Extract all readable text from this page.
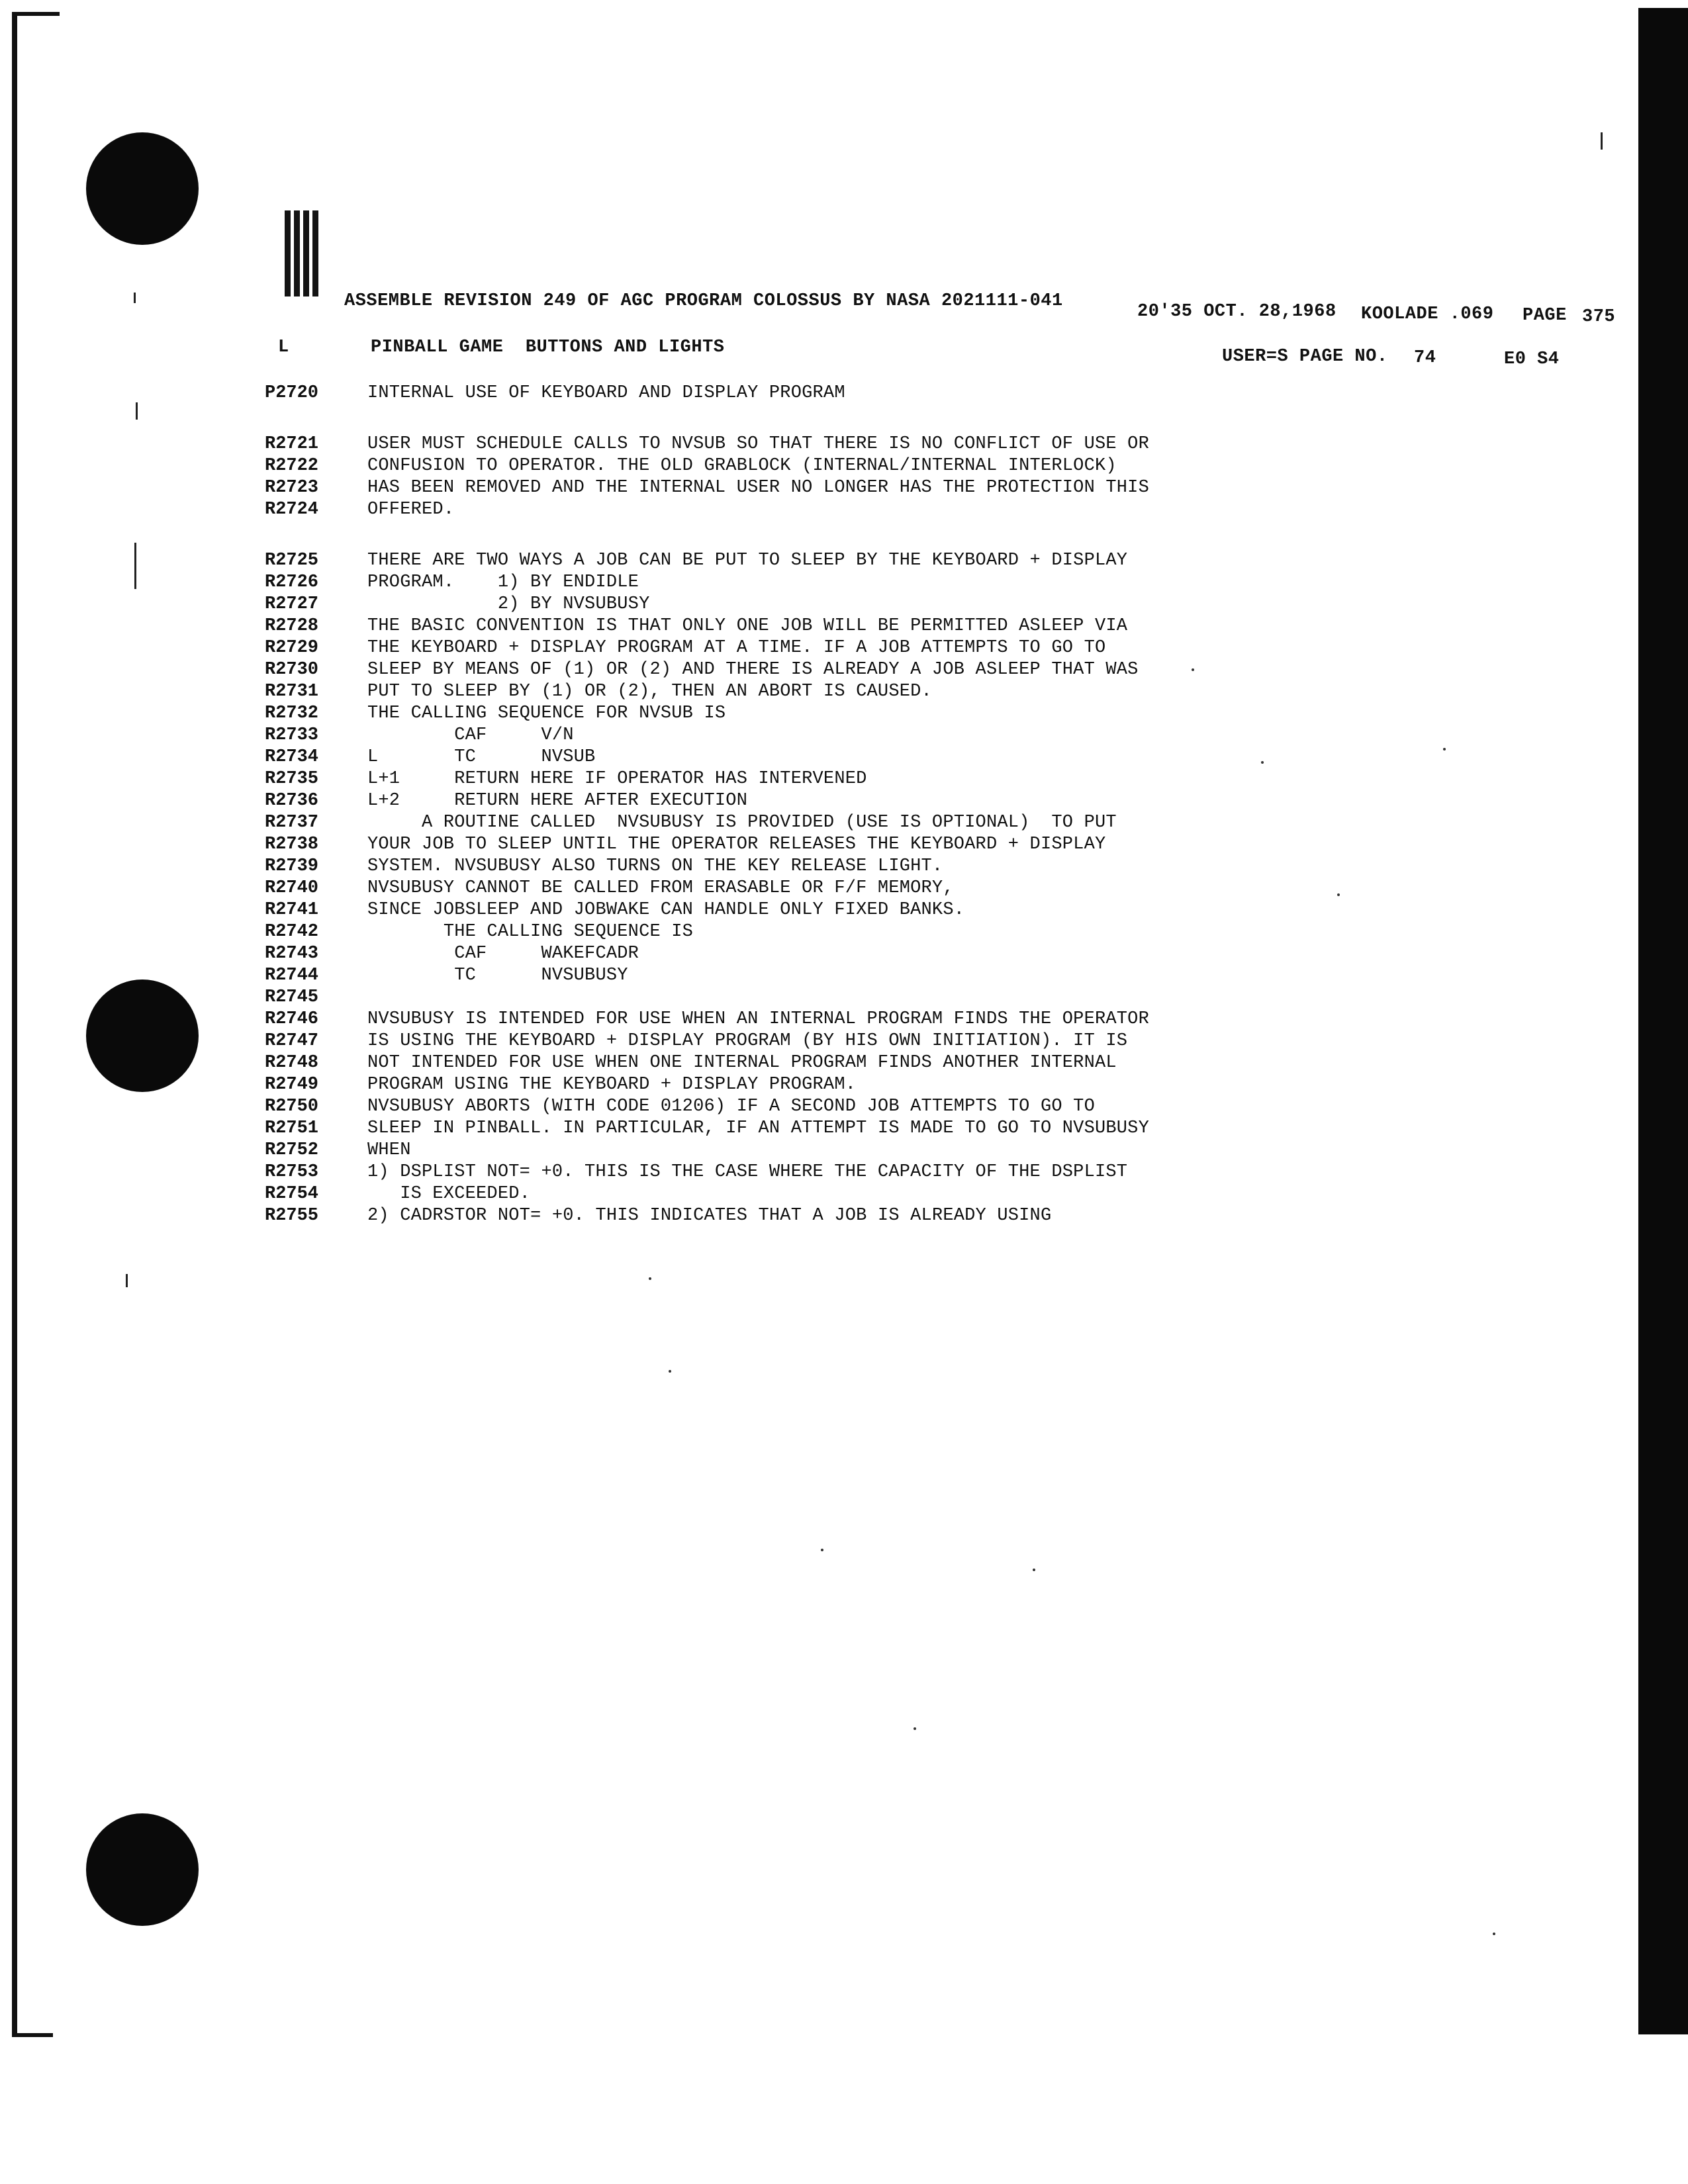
ASSEMBLE REVISION 249 OF AGC PROGRAM COLOSSUS BY NASA 2021111-041
20'35 OCT. 28,1968 KOOLADE .069 PAGE 375
L	PINBALL GAME  BUTTONS AND LIGHTS	USER=S PAGE NO. 74	E0 S4
P2720	INTERNAL USE OF KEYBOARD AND DISPLAY PROGRAM
R2721	USER MUST SCHEDULE CALLS TO NVSUB SO THAT THERE IS NO CONFLICT OF USE OR
R2722	CONFUSION TO OPERATOR. THE OLD GRABLOCK (INTERNAL/INTERNAL INTERLOCK)
R2723	HAS BEEN REMOVED AND THE INTERNAL USER NO LONGER HAS THE PROTECTION THIS
R2724	OFFERED.
R2725	THERE ARE TWO WAYS A JOB CAN BE PUT TO SLEEP BY THE KEYBOARD + DISPLAY
R2726	PROGRAM.    1) BY ENDIDLE
R2727	2) BY NVSUBUSY
R2728	THE BASIC CONVENTION IS THAT ONLY ONE JOB WILL BE PERMITTED ASLEEP VIA
R2729	THE KEYBOARD + DISPLAY PROGRAM AT A TIME. IF A JOB ATTEMPTS TO GO TO
R2730	SLEEP BY MEANS OF (1) OR (2) AND THERE IS ALREADY A JOB ASLEEP THAT WAS
R2731	PUT TO SLEEP BY (1) OR (2), THEN AN ABORT IS CAUSED.
R2732	THE CALLING SEQUENCE FOR NVSUB IS
R2733	CAF     V/N
R2734	L       TC      NVSUB
R2735	L+1     RETURN HERE IF OPERATOR HAS INTERVENED
R2736	L+2     RETURN HERE AFTER EXECUTION
R2737	A ROUTINE CALLED  NVSUBUSY IS PROVIDED (USE IS OPTIONAL)  TO PUT
R2738	YOUR JOB TO SLEEP UNTIL THE OPERATOR RELEASES THE KEYBOARD + DISPLAY
R2739	SYSTEM. NVSUBUSY ALSO TURNS ON THE KEY RELEASE LIGHT.
R2740	NVSUBUSY CANNOT BE CALLED FROM ERASABLE OR F/F MEMORY,
R2741	SINCE JOBSLEEP AND JOBWAKE CAN HANDLE ONLY FIXED BANKS.
R2742	THE CALLING SEQUENCE IS
R2743	CAF     WAKEFCADR
R2744	TC      NVSUBUSY
R2745
R2746	NVSUBUSY IS INTENDED FOR USE WHEN AN INTERNAL PROGRAM FINDS THE OPERATOR
R2747	IS USING THE KEYBOARD + DISPLAY PROGRAM (BY HIS OWN INITIATION). IT IS
R2748	NOT INTENDED FOR USE WHEN ONE INTERNAL PROGRAM FINDS ANOTHER INTERNAL
R2749	PROGRAM USING THE KEYBOARD + DISPLAY PROGRAM.
R2750	NVSUBUSY ABORTS (WITH CODE 01206) IF A SECOND JOB ATTEMPTS TO GO TO
R2751	SLEEP IN PINBALL. IN PARTICULAR, IF AN ATTEMPT IS MADE TO GO TO NVSUBUSY
R2752	WHEN
R2753	1) DSPLIST NOT= +0. THIS IS THE CASE WHERE THE CAPACITY OF THE DSPLIST
R2754	IS EXCEEDED.
R2755	2) CADRSTOR NOT= +0. THIS INDICATES THAT A JOB IS ALREADY USING
